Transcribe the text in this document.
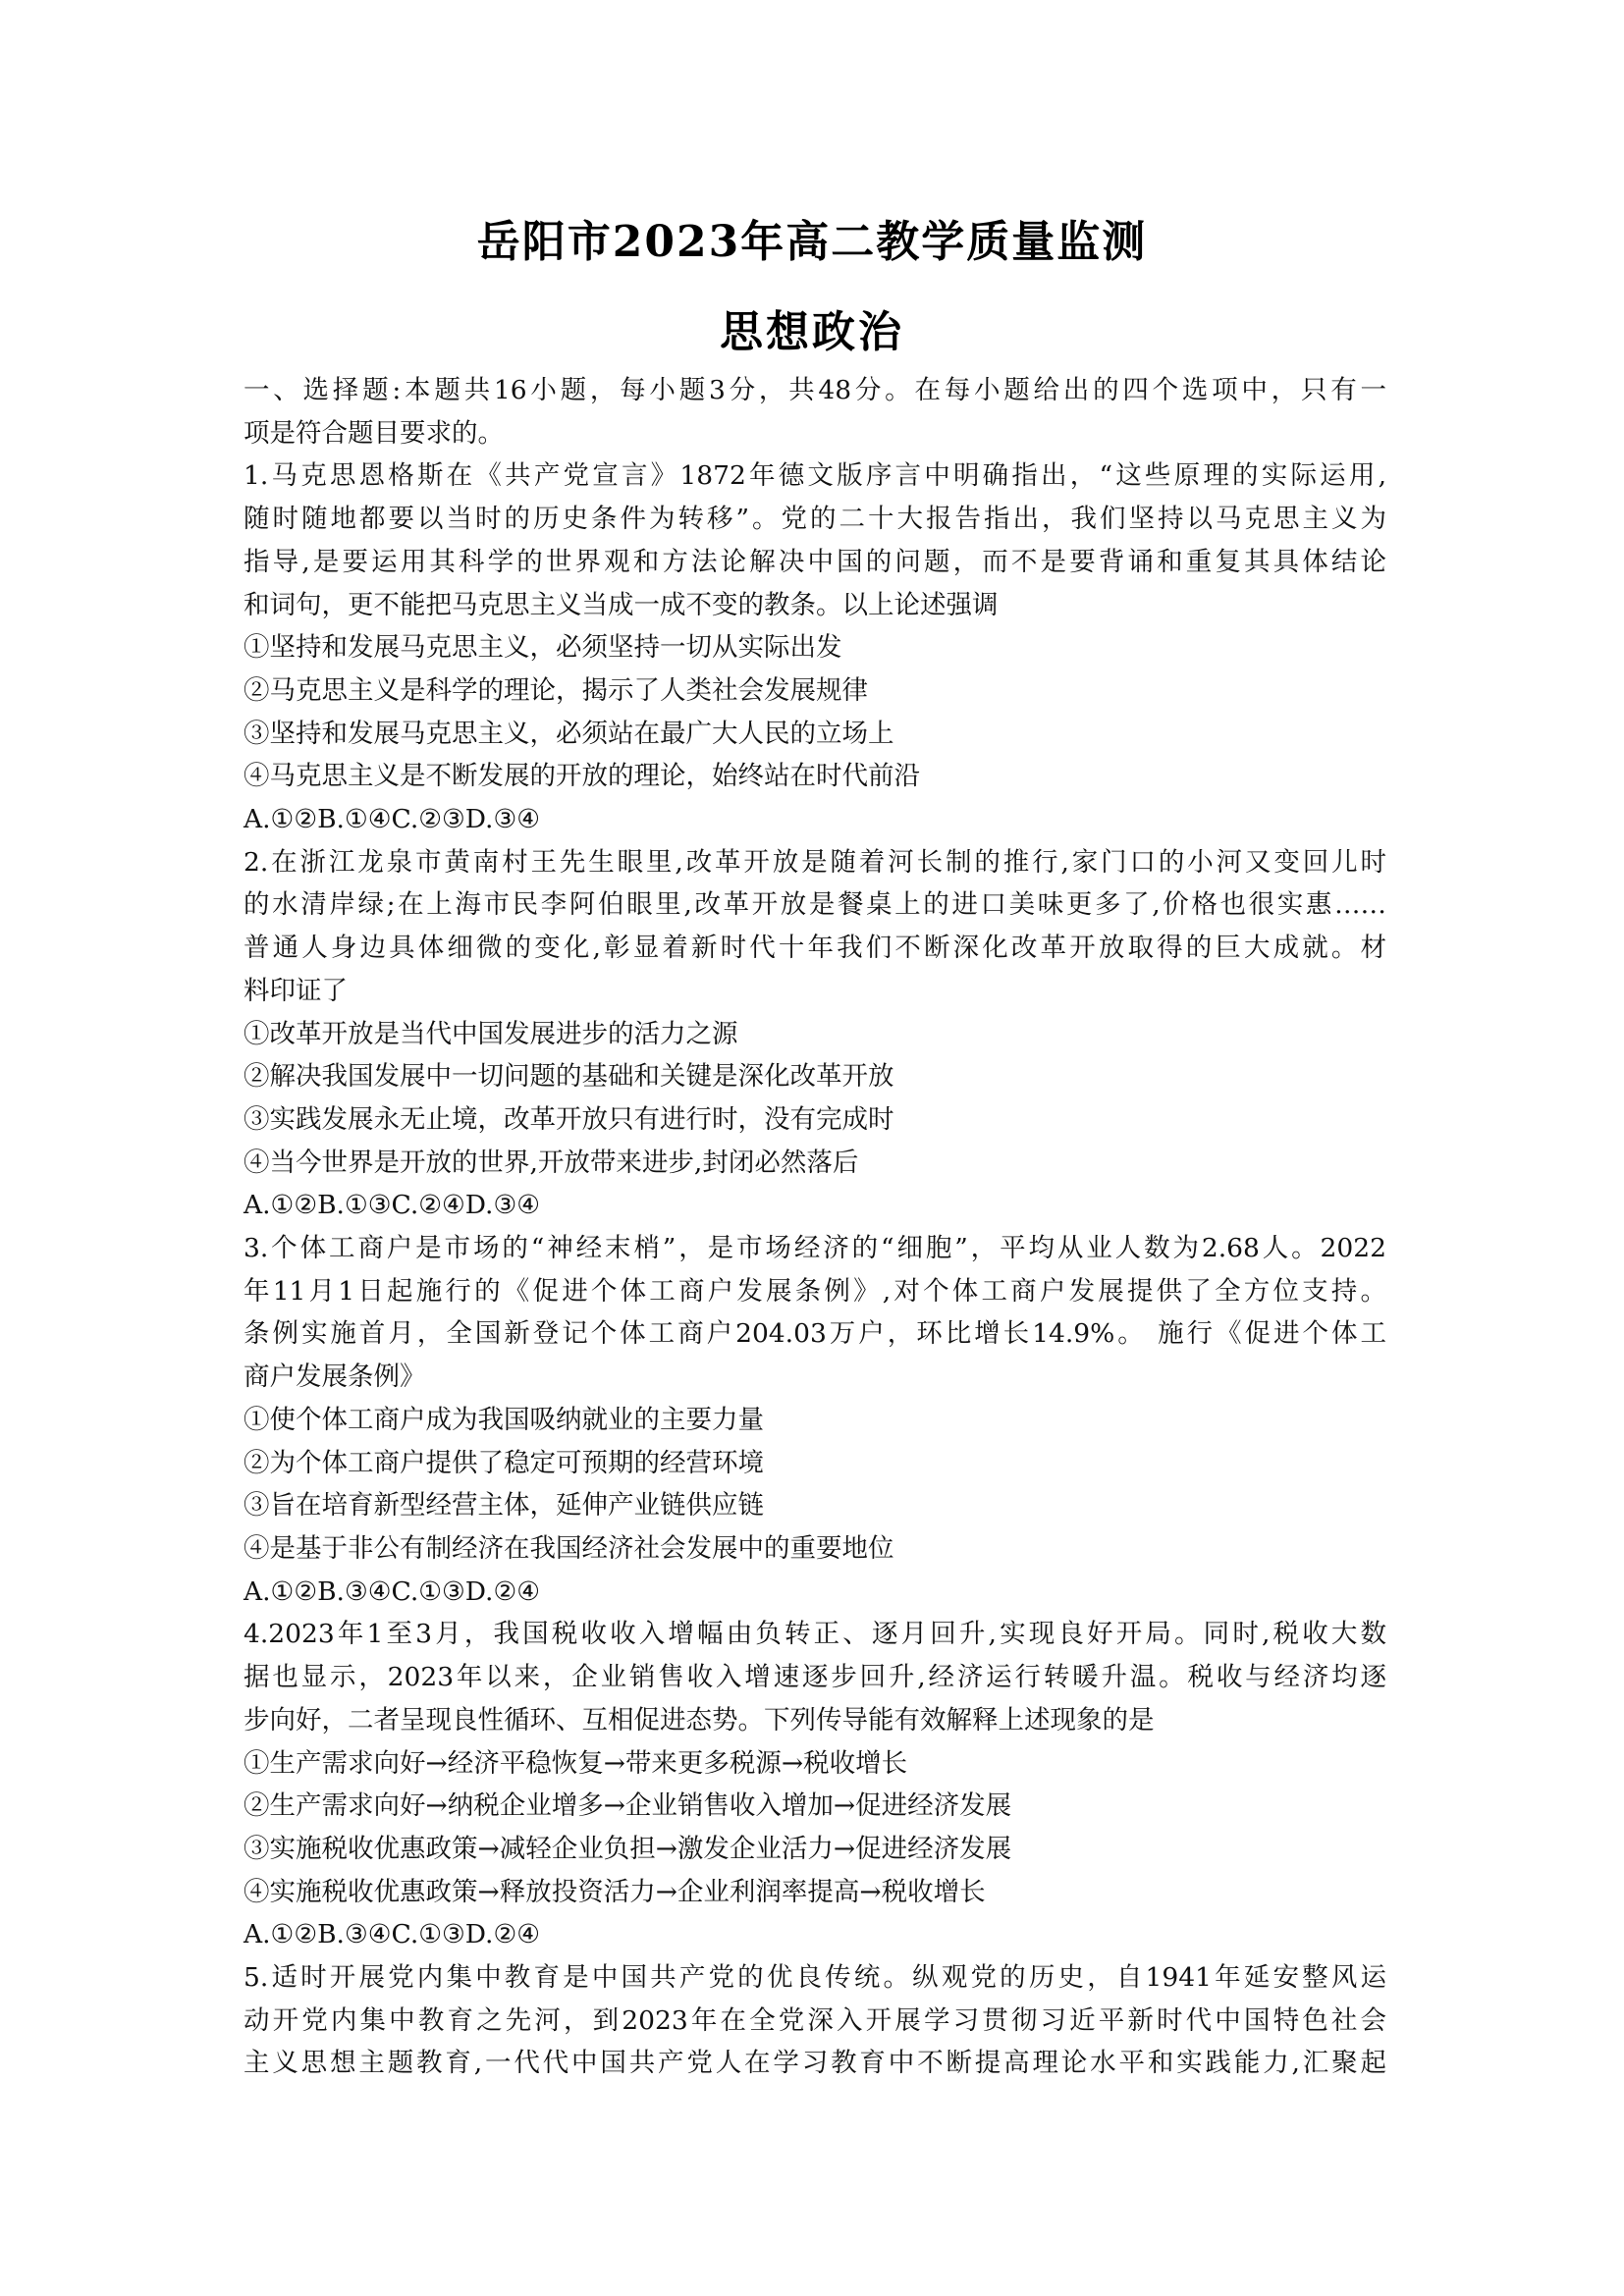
岳阳市2023年高二教学质量监测
思想政治

一、选择题:本题共16小题，每小题3分，共48分。在每小题给出的四个选项中，只有一

项是符合题目要求的。

1.马克思恩格斯在《共产党宣言》1872年德文版序言中明确指出，“这些原理的实际运用,

随时随地都要以当时的历史条件为转移”。党的二十大报告指出，我们坚持以马克思主义为

指导,是要运用其科学的世界观和方法论解决中国的问题，而不是要背诵和重复其具体结论

和词句，更不能把马克思主义当成一成不变的教条。以上论述强调

①坚持和发展马克思主义，必须坚持一切从实际出发

②马克思主义是科学的理论，揭示了人类社会发展规律

③坚持和发展马克思主义，必须站在最广大人民的立场上

④马克思主义是不断发展的开放的理论，始终站在时代前沿

A.①②B.①④C.②③D.③④

2.在浙江龙泉市黄南村王先生眼里,改革开放是随着河长制的推行,家门口的小河又变回儿时

的水清岸绿;在上海市民李阿伯眼里,改革开放是餐桌上的进口美味更多了,价格也很实惠……

普通人身边具体细微的变化,彰显着新时代十年我们不断深化改革开放取得的巨大成就。材

料印证了

①改革开放是当代中国发展进步的活力之源

②解决我国发展中一切问题的基础和关键是深化改革开放

③实践发展永无止境，改革开放只有进行时，没有完成时

④当今世界是开放的世界,开放带来进步,封闭必然落后

A.①②B.①③C.②④D.③④

3.个体工商户是市场的“神经末梢”，是市场经济的“细胞”，平均从业人数为2.68人。2022

年11月1日起施行的《促进个体工商户发展条例》,对个体工商户发展提供了全方位支持。

条例实施首月，全国新登记个体工商户204.03万户，环比增长14.9%。 施行《促进个体工

商户发展条例》

①使个体工商户成为我国吸纳就业的主要力量

②为个体工商户提供了稳定可预期的经营环境

③旨在培育新型经营主体，延伸产业链供应链

④是基于非公有制经济在我国经济社会发展中的重要地位

A.①②B.③④C.①③D.②④

4.2023年1至3月，我国税收收入增幅由负转正、逐月回升,实现良好开局。同时,税收大数

据也显示，2023年以来，企业销售收入增速逐步回升,经济运行转暖升温。税收与经济均逐

步向好，二者呈现良性循环、互相促进态势。下列传导能有效解释上述现象的是

①生产需求向好→经济平稳恢复→带来更多税源→税收增长

②生产需求向好→纳税企业增多→企业销售收入增加→促进经济发展

③实施税收优惠政策→减轻企业负担→激发企业活力→促进经济发展

④实施税收优惠政策→释放投资活力→企业利润率提高→税收增长

A.①②B.③④C.①③D.②④

5.适时开展党内集中教育是中国共产党的优良传统。纵观党的历史，自1941年延安整风运

动开党内集中教育之先河，到2023年在全党深入开展学习贯彻习近平新时代中国特色社会

主义思想主题教育,一代代中国共产党人在学习教育中不断提高理论水平和实践能力,汇聚起
